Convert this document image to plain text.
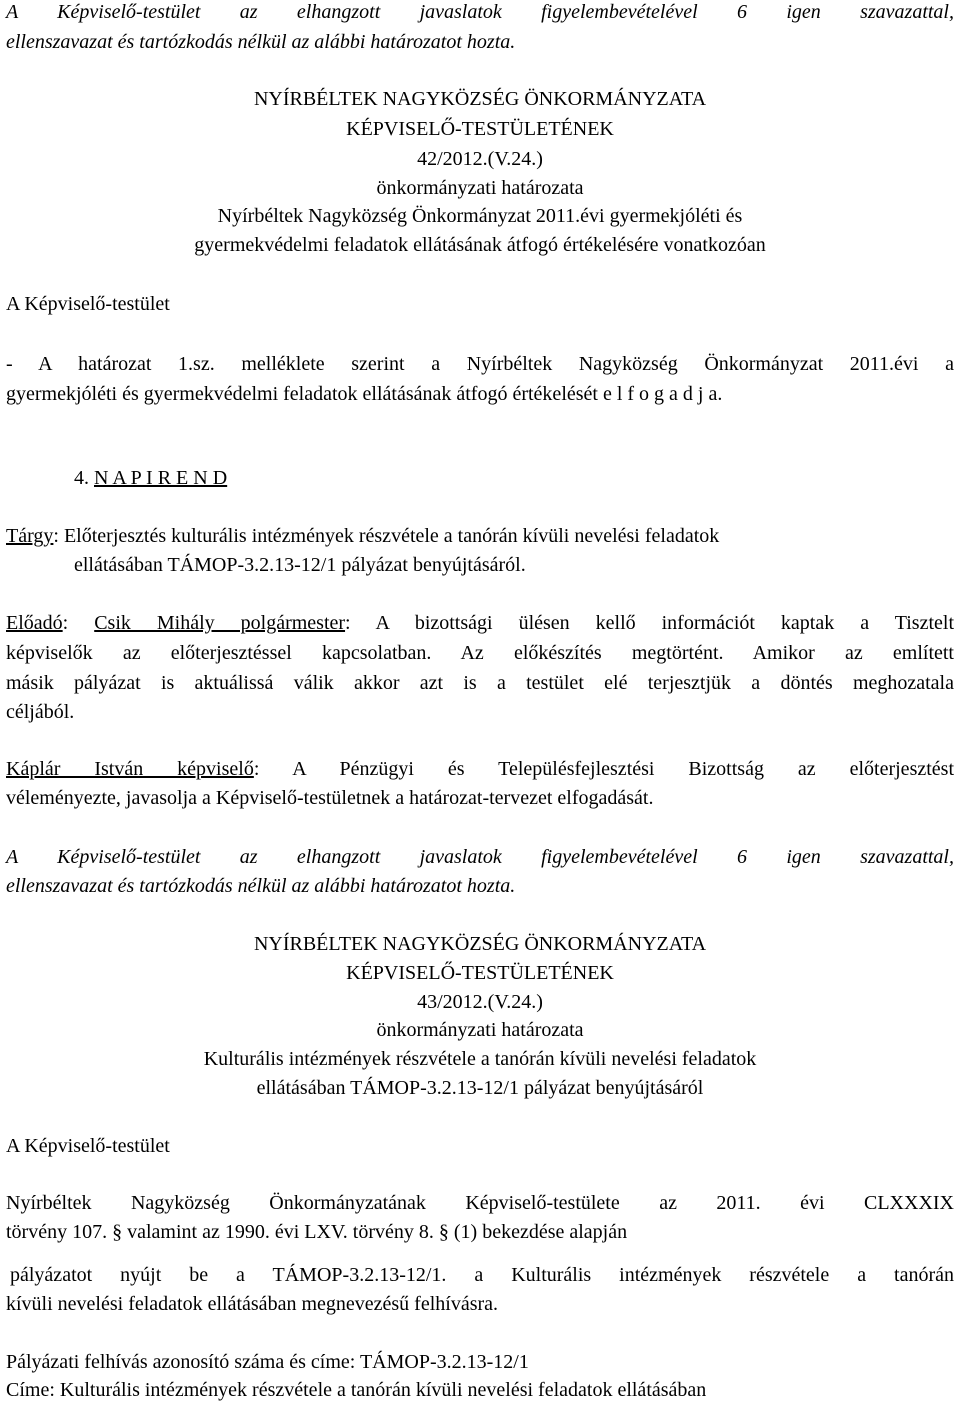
A Képviselő-testület az elhangzott javaslatok figyelembevételével 6 igen szavazattal,
ellenszavazat és tartózkodás nélkül az alábbi határozatot hozta.
NYÍRBÉLTEK NAGYKÖZSÉG ÖNKORMÁNYZATA
KÉPVISELŐ-TESTÜLETÉNEK
42/2012.(V.24.)
önkormányzati határozata
Nyírbéltek Nagyközség Önkormányzat 2011.évi gyermekjóléti és
gyermekvédelmi feladatok ellátásának átfogó értékelésére vonatkozóan
A Képviselő-testület
- A határozat 1.sz. melléklete szerint a Nyírbéltek Nagyközség Önkormányzat 2011.évi a
gyermekjóléti és gyermekvédelmi feladatok ellátásának átfogó értékelését e l f o g a d j a.
4. N A P I R E N D
Tárgy: Előterjesztés kulturális intézmények részvétele a tanórán kívüli nevelési feladatok
ellátásában TÁMOP-3.2.13-12/1 pályázat benyújtásáról.
Előadó: Csik Mihály polgármester: A bizottsági ülésen kellő információt kaptak a Tisztelt
képviselők az előterjesztéssel kapcsolatban. Az előkészítés megtörtént. Amikor az említett
másik pályázat is aktuálissá válik akkor azt is a testület elé terjesztjük a döntés meghozatala
céljából.
Káplár István képviselő: A Pénzügyi és Településfejlesztési Bizottság az előterjesztést
véleményezte, javasolja a Képviselő-testületnek a határozat-tervezet elfogadását.
A Képviselő-testület az elhangzott javaslatok figyelembevételével 6 igen szavazattal,
ellenszavazat és tartózkodás nélkül az alábbi határozatot hozta.
NYÍRBÉLTEK NAGYKÖZSÉG ÖNKORMÁNYZATA
KÉPVISELŐ-TESTÜLETÉNEK
43/2012.(V.24.)
önkormányzati határozata
Kulturális intézmények részvétele a tanórán kívüli nevelési feladatok
ellátásában TÁMOP-3.2.13-12/1 pályázat benyújtásáról
A Képviselő-testület
Nyírbéltek Nagyközség Önkormányzatának Képviselő-testülete az 2011. évi CLXXXIX
törvény 107. § valamint az 1990. évi LXV. törvény 8. § (1) bekezdése alapján
pályázatot nyújt be a TÁMOP-3.2.13-12/1. a Kulturális intézmények részvétele a tanórán
kívüli nevelési feladatok ellátásában megnevezésű felhívásra.
Pályázati felhívás azonosító száma és címe: TÁMOP-3.2.13-12/1
Címe: Kulturális intézmények részvétele a tanórán kívüli nevelési feladatok ellátásában
